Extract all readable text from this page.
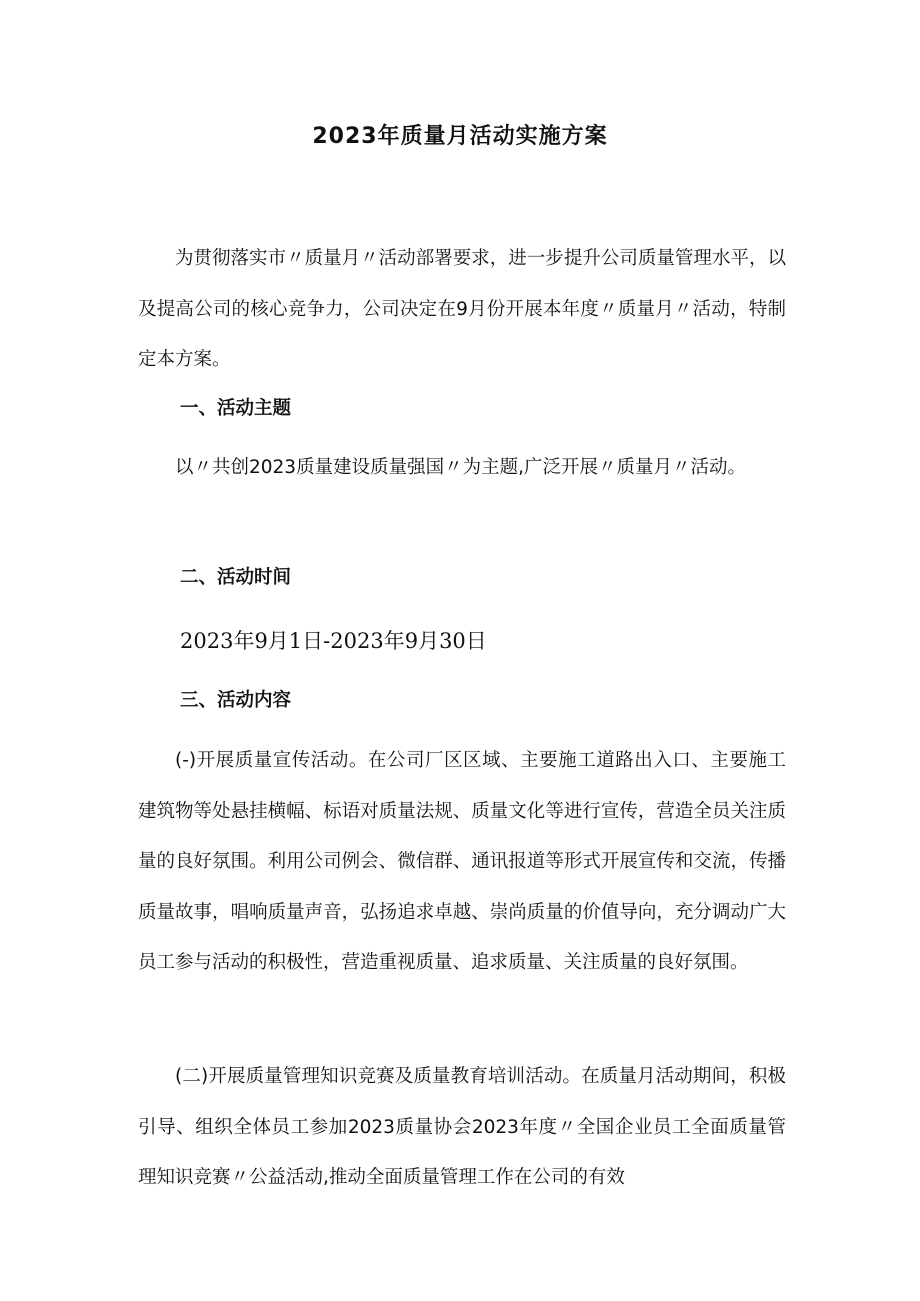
2023年质量月活动实施方案

为贯彻落实市〃质量月〃活动部署要求，进一步提升公司质量管理水平，以及提高公司的核心竞争力，公司决定在9月份开展本年度〃质量月〃活动，特制定本方案。

一、活动主题

以〃共创2023质量建设质量强国〃为主题,广泛开展〃质量月〃活动。

二、活动时间

2023年9月1日-2023年9月30日

三、活动内容

(-)开展质量宣传活动。在公司厂区区域、主要施工道路出入口、主要施工建筑物等处悬挂横幅、标语对质量法规、质量文化等进行宣传，营造全员关注质量的良好氛围。利用公司例会、微信群、通讯报道等形式开展宣传和交流，传播质量故事，唱响质量声音，弘扬追求卓越、崇尚质量的价值导向，充分调动广大员工参与活动的积极性，营造重视质量、追求质量、关注质量的良好氛围。

(二)开展质量管理知识竞赛及质量教育培训活动。在质量月活动期间，积极引导、组织全体员工参加2023质量协会2023年度〃全国企业员工全面质量管理知识竞赛〃公益活动,推动全面质量管理工作在公司的有效
